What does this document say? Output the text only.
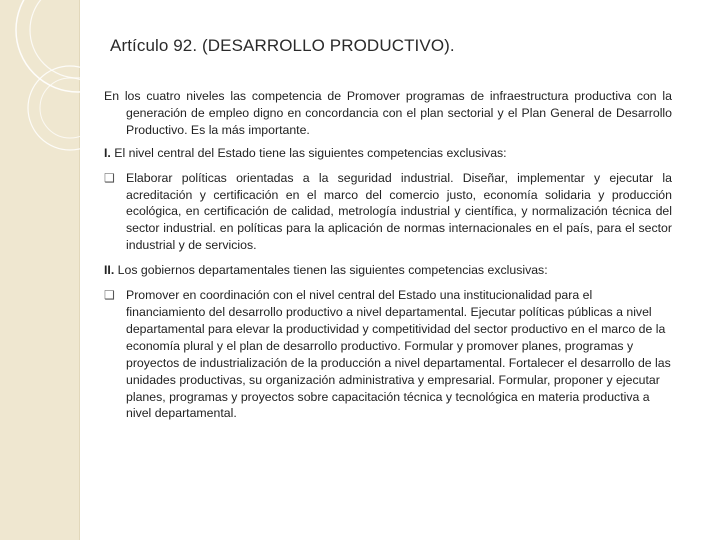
Artículo 92. (DESARROLLO PRODUCTIVO).

En los cuatro niveles las competencia de Promover programas de infraestructura productiva con la generación de empleo digno en concordancia con el plan sectorial y el Plan General de Desarrollo Productivo. Es la más importante.

I. El nivel central del Estado tiene las siguientes competencias exclusivas:

❑ Elaborar políticas orientadas a la seguridad industrial. Diseñar, implementar y ejecutar la acreditación y certificación en el marco del comercio justo, economía solidaria y producción ecológica, en certificación de calidad, metrología industrial y científica, y normalización técnica del sector industrial. en políticas para la aplicación de normas internacionales en el país, para el sector industrial y de servicios.

II. Los gobiernos departamentales tienen las siguientes competencias exclusivas:

❑ Promover en coordinación con el nivel central del Estado una institucionalidad para el financiamiento del desarrollo productivo a nivel departamental. Ejecutar políticas públicas a nivel departamental para elevar la productividad y competitividad del sector productivo en el marco de la economía plural y el plan de desarrollo productivo. Formular y promover planes, programas y proyectos de industrialización de la producción a nivel departamental. Fortalecer el desarrollo de las unidades productivas, su organización administrativa y empresarial. Formular, proponer y ejecutar planes, programas y proyectos sobre capacitación técnica y tecnológica en materia productiva a nivel departamental.
